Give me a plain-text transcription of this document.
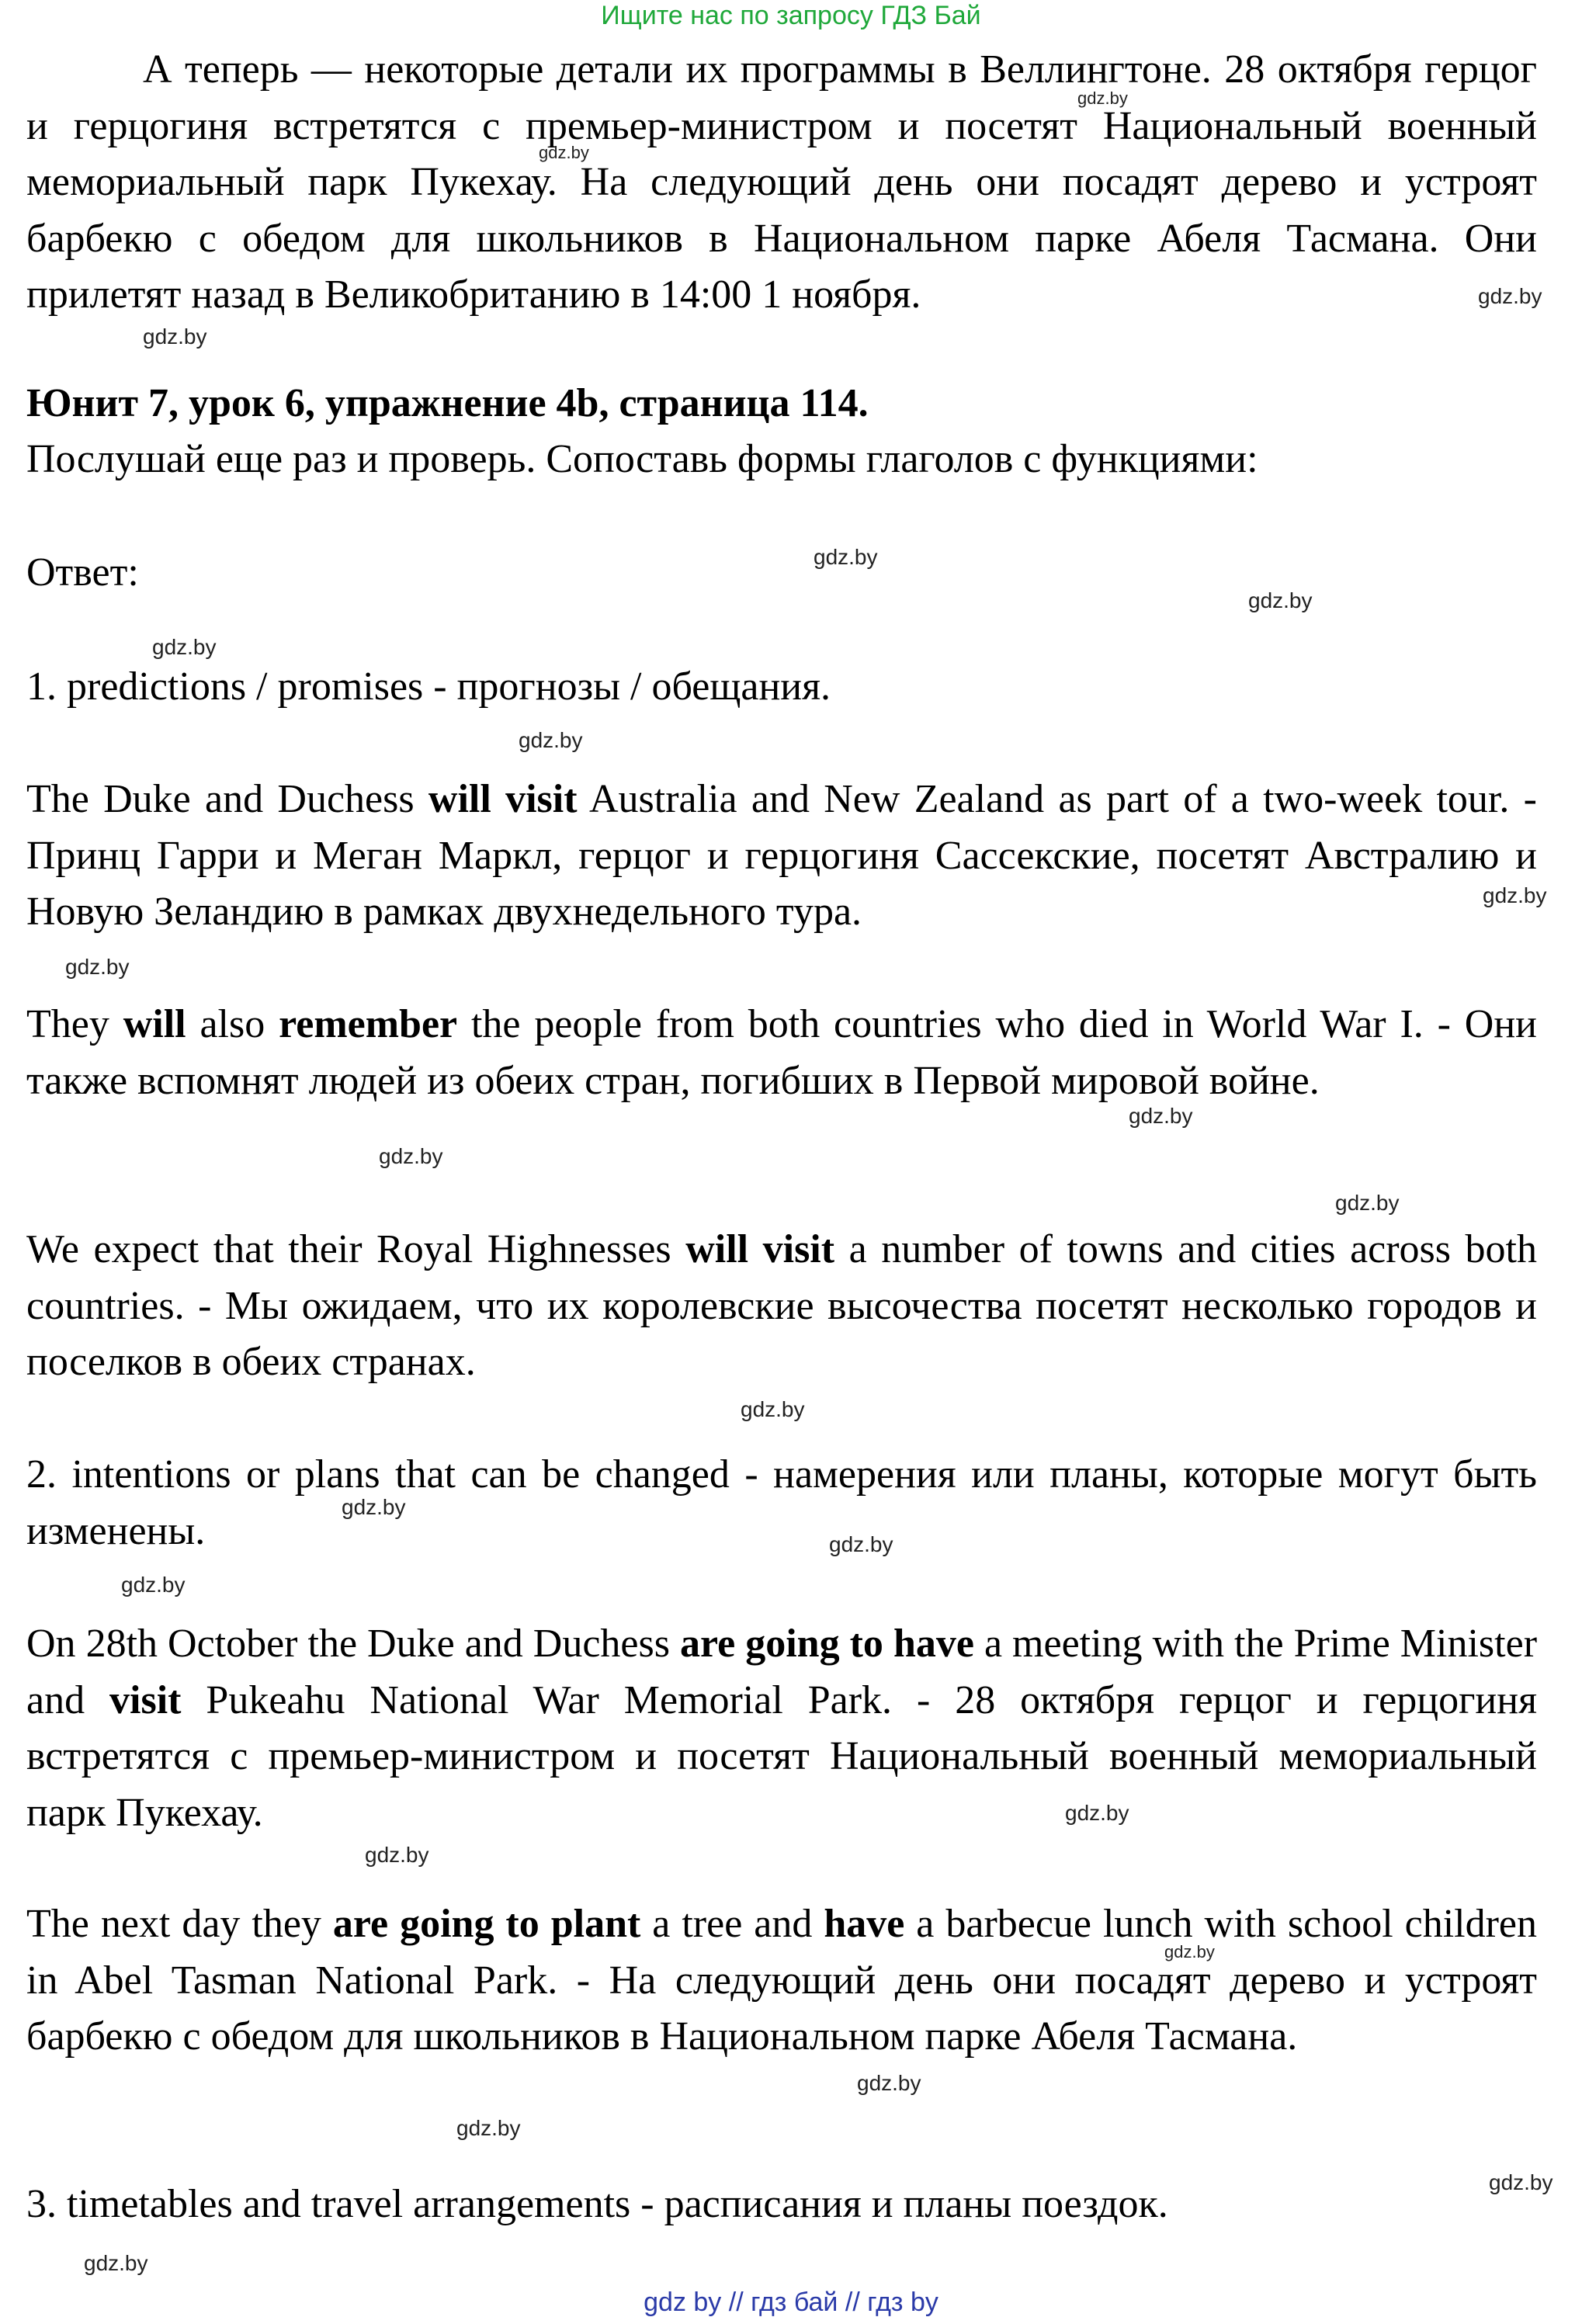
Ищите нас по запросу ГДЗ Бай

А теперь — некоторые детали их программы в Веллингтоне. 28 октября герцог и герцогиня встретятся с премьер-министром и посетят Национальный военный мемориальный парк Пукехау. На следующий день они посадят дерево и устроят барбекю с обедом для школьников в Национальном парке Абеля Тасмана. Они прилетят назад в Великобританию в 14:00 1 ноября.

Юнит 7, урок 6, упражнение 4b, страница 114.

Послушай еще раз и проверь. Сопоставь формы глаголов с функциями:

Ответ:

1. predictions / promises - прогнозы / обещания.

The Duke and Duchess will visit Australia and New Zealand as part of a two-week tour. - Принц Гарри и Меган Маркл, герцог и герцогиня Сассекские, посетят Австралию и Новую Зеландию в рамках двухнедельного тура.

They will also remember the people from both countries who died in World War I. - Они также вспомнят людей из обеих стран, погибших в Первой мировой войне.

We expect that their Royal Highnesses will visit a number of towns and cities across both countries. - Мы ожидаем, что их королевские высочества посетят несколько городов и поселков в обеих странах.

2. intentions or plans that can be changed - намерения или планы, которые могут быть изменены.

On 28th October the Duke and Duchess are going to have a meeting with the Prime Minister and visit Pukeahu National War Memorial Park. - 28 октября герцог и герцогиня встретятся с премьер-министром и посетят Национальный военный мемориальный парк Пукехау.

The next day they are going to plant a tree and have a barbecue lunch with school children in Abel Tasman National Park. - На следующий день они посадят дерево и устроят барбекю с обедом для школьников в Национальном парке Абеля Тасмана.

3. timetables and travel arrangements - расписания и планы поездок.

gdz.by
gdz.by
gdz.by
gdz.by
gdz.by
gdz.by
gdz.by
gdz.by
gdz.by
gdz.by
gdz.by
gdz.by
gdz.by
gdz.by
gdz.by
gdz.by
gdz.by
gdz.by
gdz.by
gdz.by
gdz.by
gdz.by
gdz.by
gdz.by
gdz by // гдз бай // гдз by
